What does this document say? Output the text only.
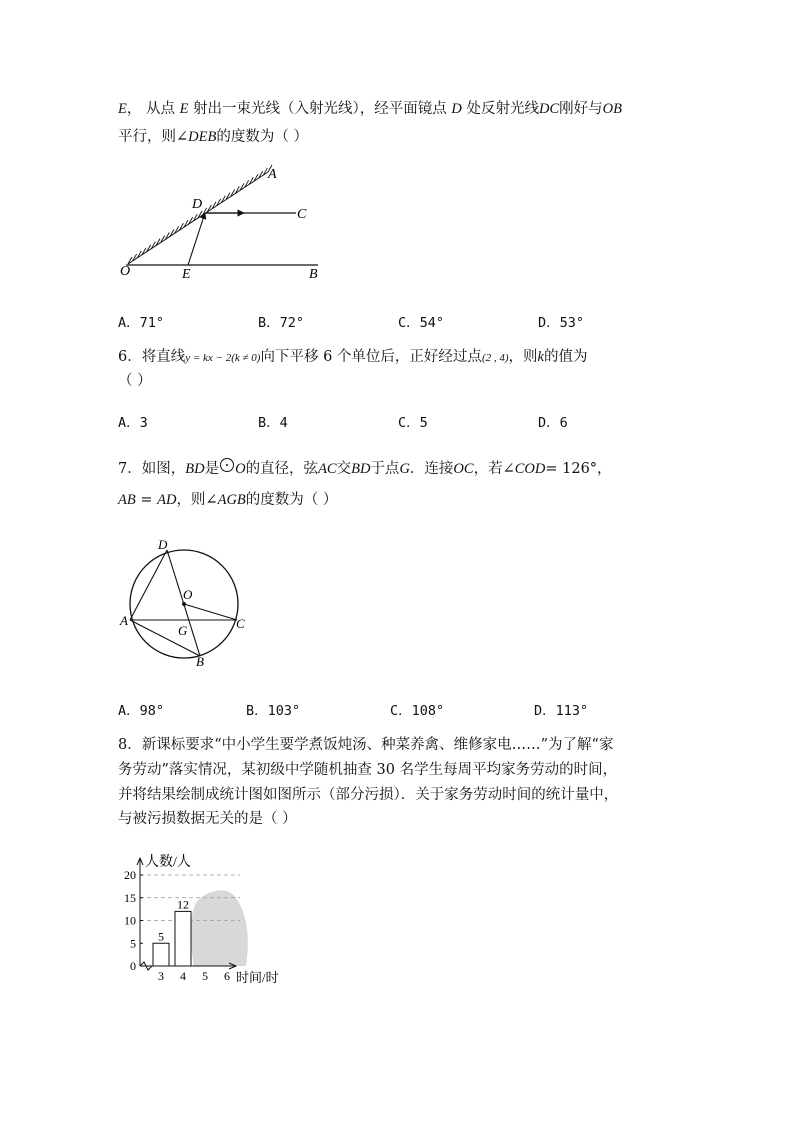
E， 从点 E 射出一束光线（入射光线），经平面镜点 D 处反射光线DC刚好与OB
平行，则∠DEB的度数为（ ）
A
D
C
O	E	B
A．71°	B．72°	C．54°	D．53°
6．将直线y = kx − 2(k ≠ 0)向下平移 6 个单位后，正好经过点(2 , 4)，则k的值为
（ ）
A．3	B．4	C．5	D．6
7．如图，BD是 O的直径，弦AC交BD于点G．连接OC，若∠COD= 126°，
AB = AD，则∠AGB的度数为（ ）
D
O
A
G	C
B
A．98°	B．103°	C．108°	D．113°
8．新课标要求“中小学生要学煮饭炖汤、种菜养禽、维修家电……”为了解“家
务劳动”落实情况，某初级中学随机抽查 30 名学生每周平均家务劳动的时间，
并将结果绘制成统计图如图所示（部分污损）．关于家务劳动时间的统计量中，
与被污损数据无关的是（ ）
20
15
10
5
0
5
12
3 4 5 6
人数/人
时间/时
